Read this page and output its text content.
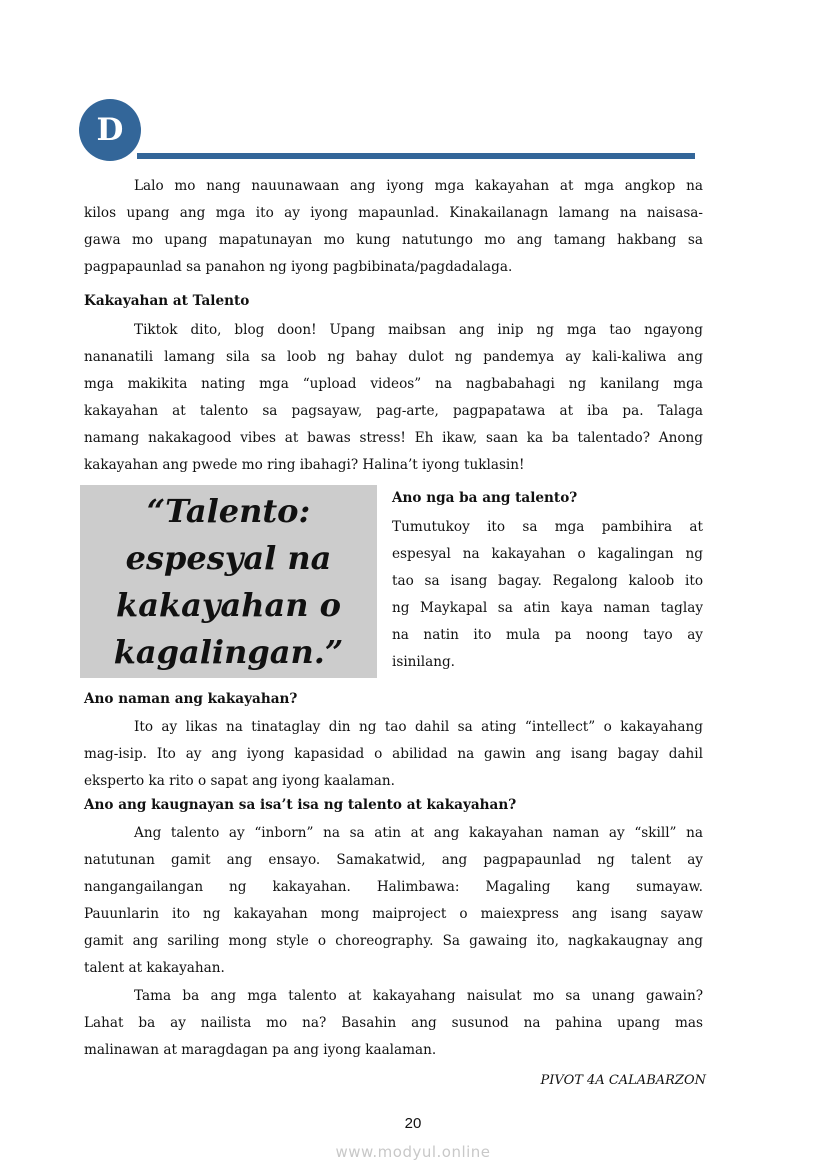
D
Lalo mo nang nauunawaan ang iyong mga kakayahan at mga angkop na
kilos upang ang mga ito ay iyong mapaunlad. Kinakailanagn lamang na naisasa-
gawa mo upang mapatunayan mo kung natutungo mo ang tamang hakbang sa
pagpapaunlad sa panahon ng iyong pagbibinata/pagdadalaga.
Kakayahan at Talento
Tiktok dito, blog doon! Upang maibsan ang inip ng mga tao ngayong
nananatili lamang sila sa loob ng bahay dulot ng pandemya ay kali-kaliwa ang
mga makikita nating mga “upload videos” na nagbabahagi ng kanilang mga
kakayahan at talento sa pagsayaw, pag-arte, pagpapatawa at iba pa. Talaga
namang nakakagood vibes at bawas stress! Eh ikaw, saan ka ba talentado? Anong
kakayahan ang pwede mo ring ibahagi? Halina’t iyong tuklasin!
“Talento:
espesyal na
kakayahan o
kagalingan.”
Ano nga ba ang talento?
Tumutukoy ito sa mga pambihira at
espesyal na kakayahan o kagalingan ng
tao sa isang bagay. Regalong kaloob ito
ng Maykapal sa atin kaya naman taglay
na natin ito mula pa noong tayo ay
isinilang.
Ano naman ang kakayahan?
Ito ay likas na tinataglay din ng tao dahil sa ating “intellect” o kakayahang
mag-isip. Ito ay ang iyong kapasidad o abilidad na gawin ang isang bagay dahil
eksperto ka rito o sapat ang iyong kaalaman.
Ano ang kaugnayan sa isa’t isa ng talento at kakayahan?
Ang talento ay “inborn” na sa atin at ang kakayahan naman ay “skill” na
natutunan gamit ang ensayo. Samakatwid, ang pagpapaunlad ng talent ay
nangangailangan ng kakayahan. Halimbawa: Magaling kang sumayaw.
Pauunlarin ito ng kakayahan mong maiproject o maiexpress ang isang sayaw
gamit ang sariling mong style o choreography. Sa gawaing ito, nagkakaugnay ang
talent at kakayahan.
Tama ba ang mga talento at kakayahang naisulat mo sa unang gawain?
Lahat ba ay nailista mo na? Basahin ang susunod na pahina upang mas
malinawan at maragdagan pa ang iyong kaalaman.
PIVOT 4A CALABARZON
20
www.modyul.online
